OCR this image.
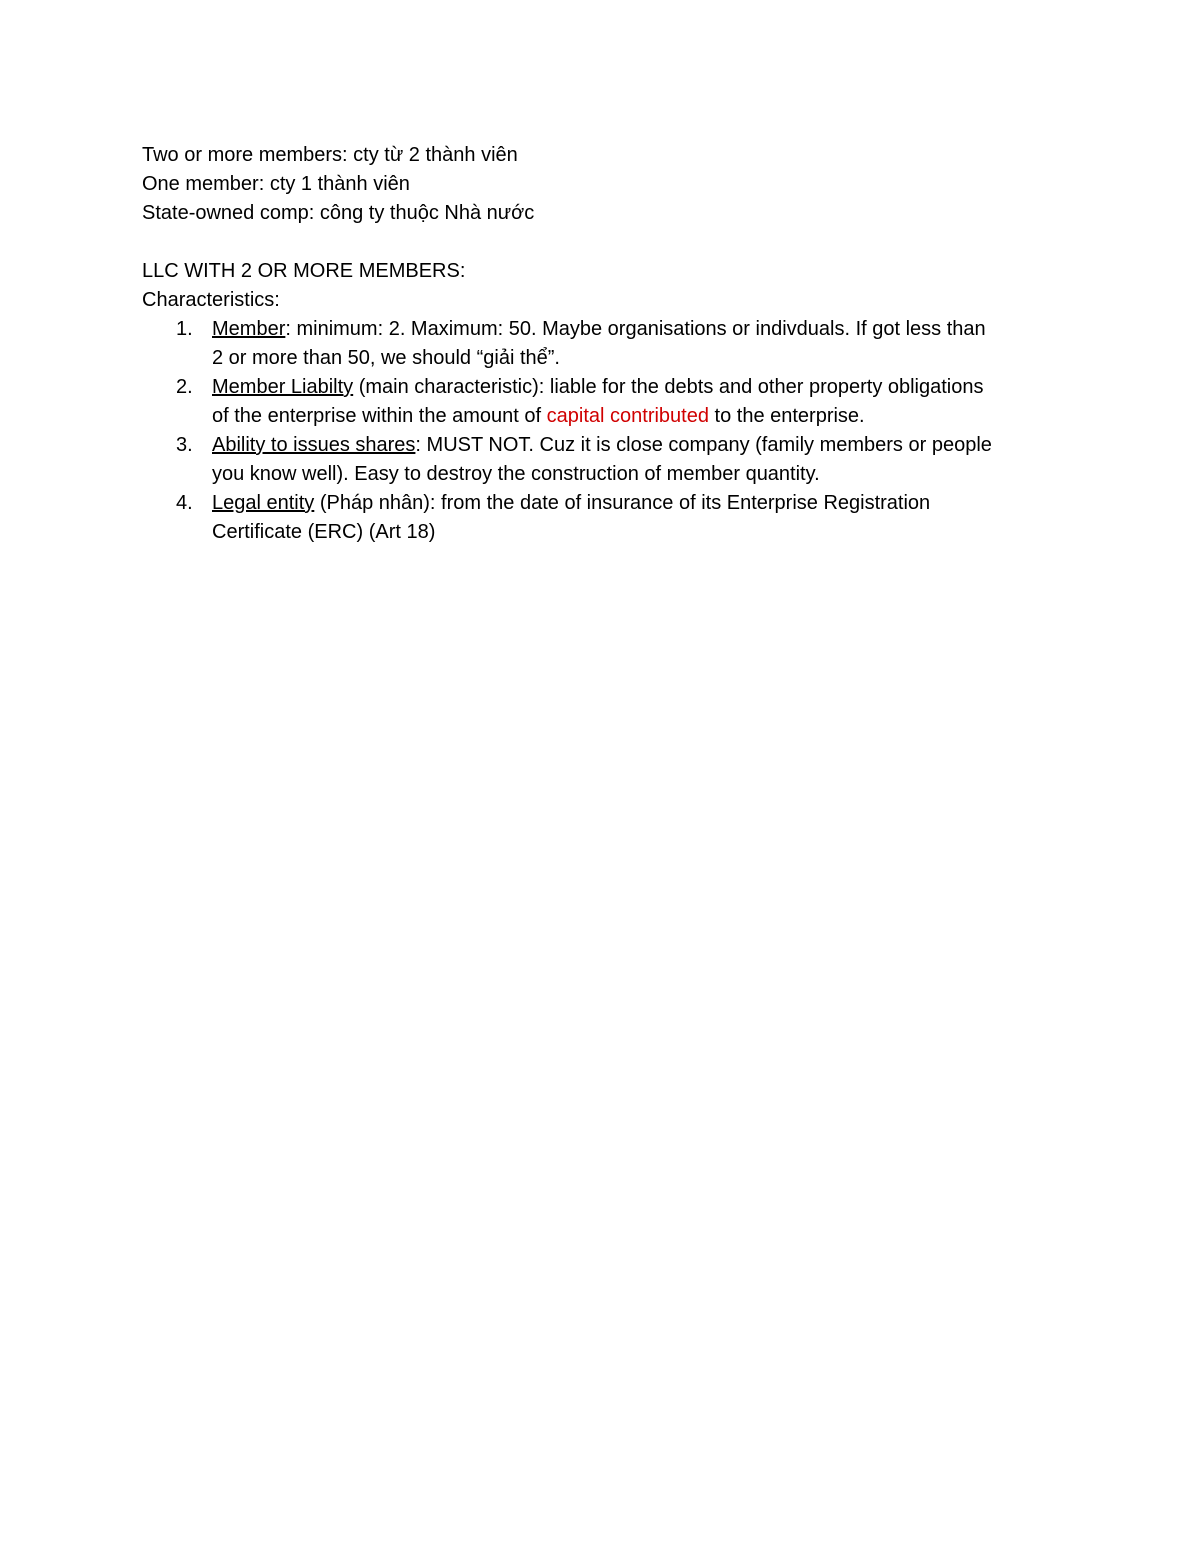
Two or more members: cty từ 2 thành viên
One member: cty 1 thành viên
State-owned comp: công ty thuộc Nhà nước
LLC WITH 2 OR MORE MEMBERS:
Characteristics:
1. Member: minimum: 2. Maximum: 50. Maybe organisations or indivduals. If got less than
2 or more than 50, we should “giải thể”.
2. Member Liabilty (main characteristic): liable for the debts and other property obligations
of the enterprise within the amount of capital contributed to the enterprise.
3. Ability to issues shares: MUST NOT. Cuz it is close company (family members or people
you know well). Easy to destroy the construction of member quantity.
4. Legal entity (Pháp nhân): from the date of insurance of its Enterprise Registration
Certificate (ERC) (Art 18)
